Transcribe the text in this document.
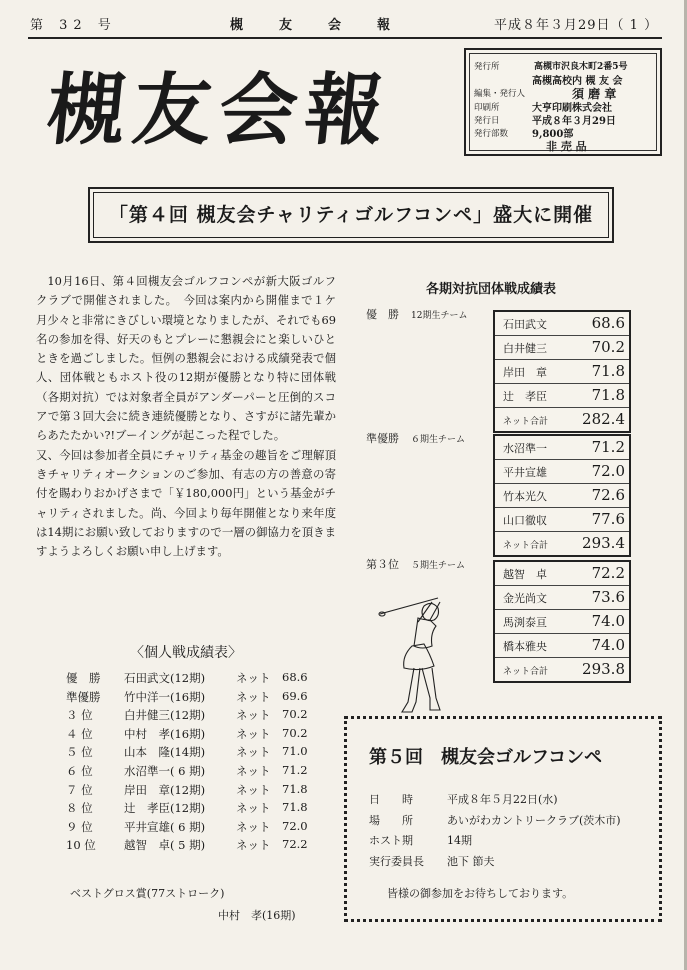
第 32 号	槻友会報	平成８年３月29日（ 1 ）
槻友会報	発行所	高槻市沢良木町2番5号
高槻高校内 槻 友 会
編集・発行人	須 磨 章
印刷所	大亨印刷株式会社
発行日	平成８年３月29日
発行部数 9,800部
非 売 品
「第４回 槻友会チャリティゴルフコンペ」盛大に開催

10月16日、第４回槻友会ゴルフコンペが新大阪ゴルフクラブで開催されました。　今回は案内から開催まで１ケ月少々と非常にきびしい環境となりましたが、それでも69名の参加を得、好天のもとプレーに懇親会にと楽しいひとときを過ごしました。恒例の懇親会における成績発表で個人、団体戦ともホスト役の12期が優勝となり特に団体戦（各期対抗）では対象者全員がアンダーパーと圧倒的スコアで第３回大会に続き連続優勝となり、さすがに諸先輩からあたたかい?!ブーイングが起こった程でした。

又、今回は参加者全員にチャリティ基金の趣旨をご理解頂きチャリティオークションのご参加、有志の方の善意の寄付を賜わりおかげさまで「￥180,000円」という基金がチャリティされました。尚、今回より毎年開催となり来年度は14期にお願い致しておりますので一層の御協力を頂きますようよろしくお願い申し上げます。

〈個人戦成績表〉
優　勝 石田武文(12期)	ネット 68.6
準優勝 竹中洋一(16期)	ネット 69.6
３ 位	白井健三(12期)	ネット 70.2
４ 位	中村　孝(16期)	ネット 70.2
５ 位	山本　隆(14期)	ネット 71.0
６ 位	水沼準一( 6 期)	ネット 71.2
７ 位	岸田　章(12期)	ネット 71.8
８ 位	辻　孝臣(12期)	ネット 71.8
９ 位	平井宣雄( 6 期)	ネット 72.0
10 位 越智　卓( 5 期)	ネット 72.2
ベストグロス賞(77ストローク)
中村　孝(16期)
各期対抗団体戦成績表
優　勝 12期生チーム
石田武文	68.6
白井健三	70.2
岸田　章	71.8
辻　孝臣	71.8
ネット合計 282.4
準優勝 ６期生チーム
水沼準一	71.2
平井宣雄	72.0
竹本光久	72.6
山口徹収	77.6
ネット合計 293.4
第３位 ５期生チーム
越智　卓	72.2
金光尚文	73.6
馬渕泰亘	74.0
橋本雅央	74.0
ネット合計 293.8
第５回　槻友会ゴルフコンペ
日　　時	平成８年５月22日(水)
場　　所	あいがわカントリークラブ(茨木市)
ホスト期	14期
実行委員長 池下 節夫
皆様の御参加をお待ちしております。
